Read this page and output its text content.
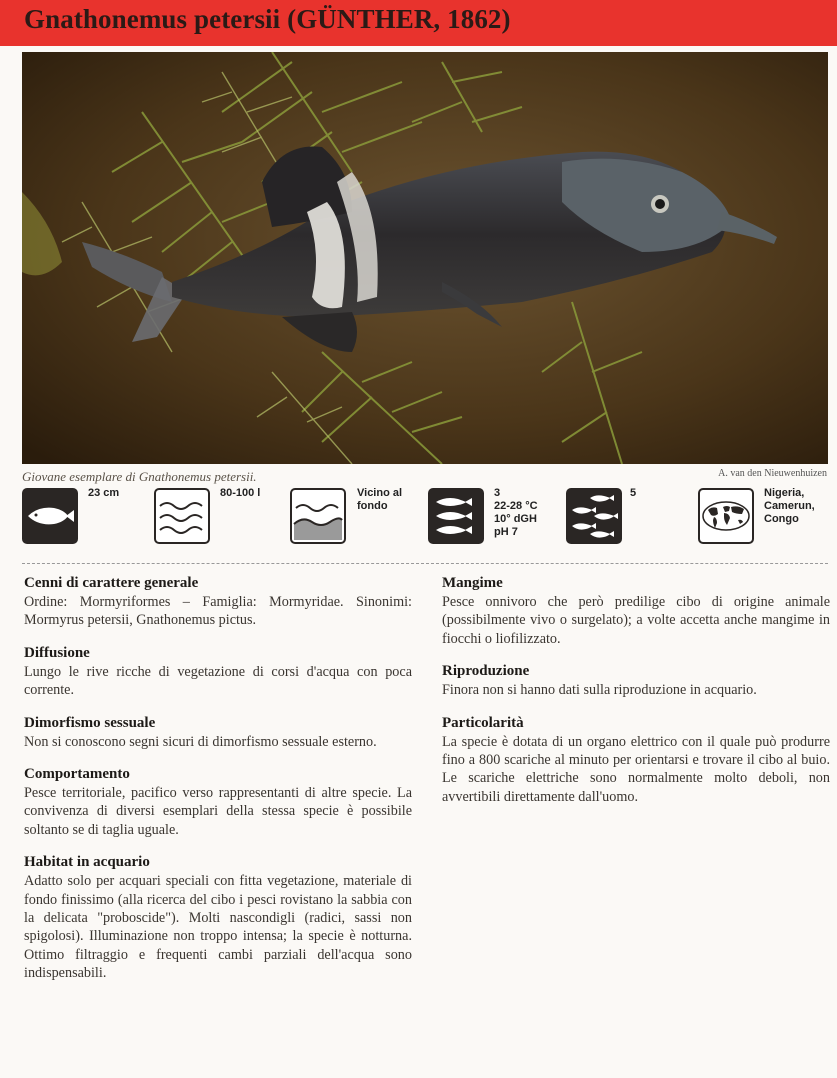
Gnathonemus petersii (GÜNTHER, 1862)
Giovane esemplare di Gnathonemus petersii.	A. van den Nieuwenhuizen
23 cm	80-100 l	Vicino al
fondo
3
22-28 °C
10° dGH
pH 7
5	Nigeria,
Camerun,
Congo
Cenni di carattere generale
Ordine: Mormyriformes – Famiglia: Mormyridae. Sinonimi: Mormyrus petersii, Gnathonemus pictus.
Diffusione
Lungo le rive ricche di vegetazione di corsi d'acqua con poca corrente.
Dimorfismo sessuale
Non si conoscono segni sicuri di dimorfismo sessuale esterno.
Comportamento
Pesce territoriale, pacifico verso rappresentanti di altre specie. La convivenza di diversi esemplari della stessa specie è possibile soltanto se di taglia uguale.
Habitat in acquario
Adatto solo per acquari speciali con fitta vegetazione, materiale di fondo finissimo (alla ricerca del cibo i pesci rovistano la sabbia con la delicata "proboscide"). Molti nascondigli (radici, sassi non spigolosi). Illuminazione non troppo intensa; la specie è notturna. Ottimo filtraggio e frequenti cambi parziali dell'acqua sono indispensabili.
Mangime
Pesce onnivoro che però predilige cibo di origine animale (possibilmente vivo o surgelato); a volte accetta anche mangime in fiocchi o liofilizzato.
Riproduzione
Finora non si hanno dati sulla riproduzione in acquario.
Particolarità
La specie è dotata di un organo elettrico con il quale può produrre fino a 800 scariche al minuto per orientarsi e trovare il cibo al buio. Le scariche elettriche sono normalmente molto deboli, non avvertibili direttamente dall'uomo.
